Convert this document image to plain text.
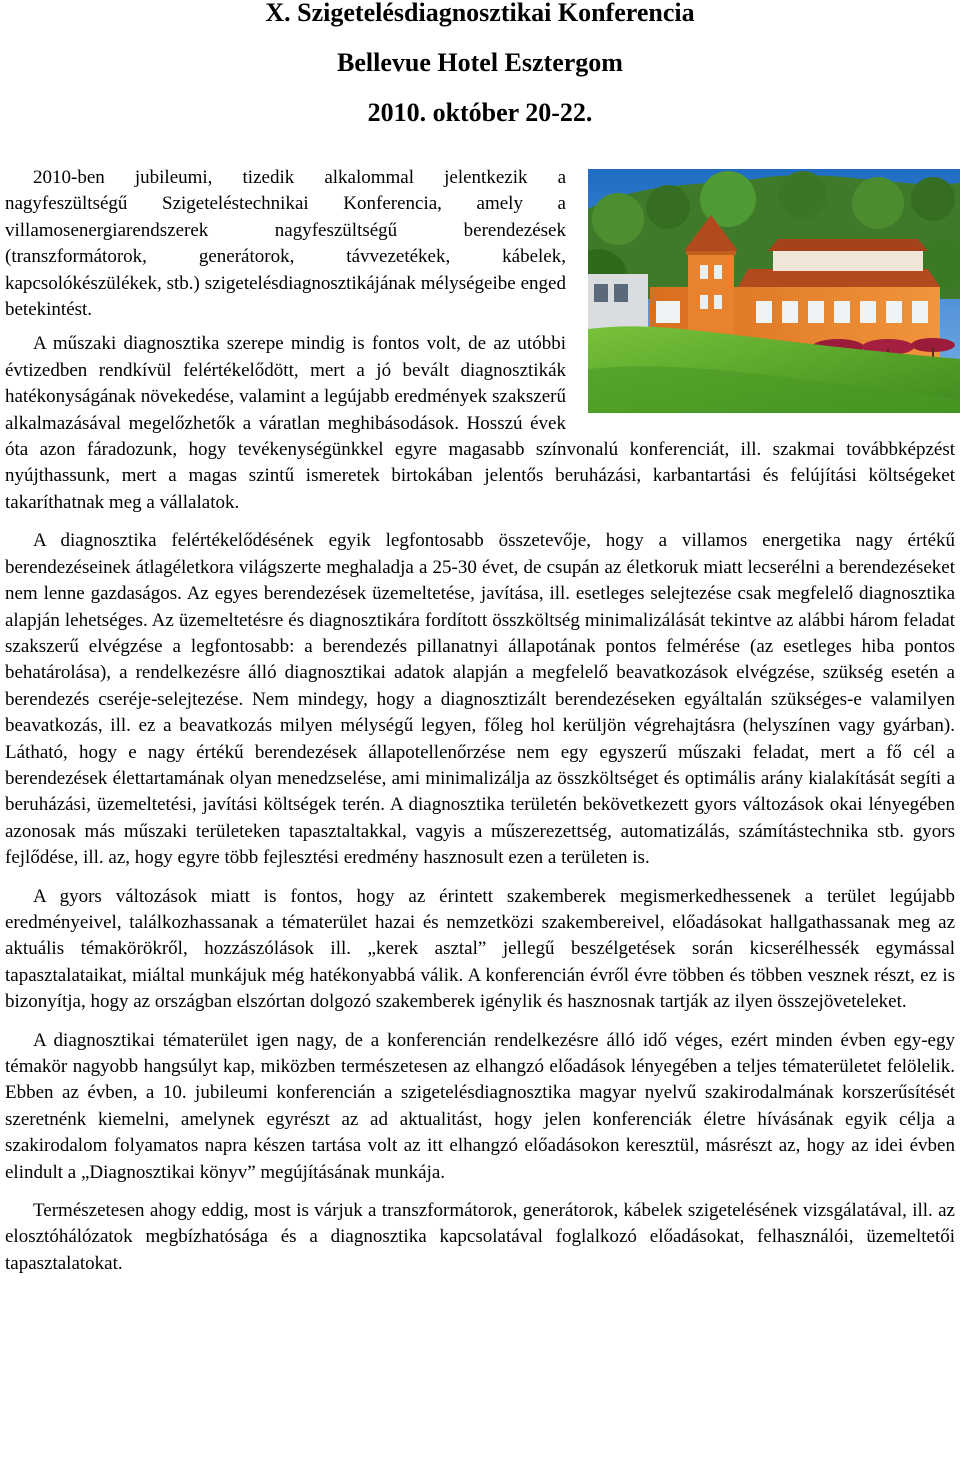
X. Szigetelésdiagnosztikai Konferencia
Bellevue Hotel Esztergom
2010. október 20-22.

2010-ben jubileumi, tizedik alkalommal jelentkezik a nagyfeszültségű Szigeteléstechnikai Konferencia, amely a villamosenergiarendszerek nagyfeszültségű berendezések (transzformátorok, generátorok, távvezetékek, kábelek, kapcsolókészülékek, stb.) szigetelésdiagnosztikájának mélységeibe enged betekintést.

A műszaki diagnosztika szerepe mindig is fontos volt, de az utóbbi évtizedben rendkívül felértékelődött, mert a jó bevált diagnosztikák hatékonyságának növekedése, valamint a legújabb eredmények szakszerű alkalmazásával megelőzhetők a váratlan meghibásodások. Hosszú évek óta azon fáradozunk, hogy tevékenységünkkel egyre magasabb színvonalú konferenciát, ill. szakmai továbbképzést nyújthassunk, mert a magas szintű ismeretek birtokában jelentős beruházási, karbantartási és felújítási költségeket takaríthatnak meg a vállalatok.

A diagnosztika felértékelődésének egyik legfontosabb összetevője, hogy a villamos energetika nagy értékű berendezéseinek átlagéletkora világszerte meghaladja a 25-30 évet, de csupán az életkoruk miatt lecserélni a berendezéseket nem lenne gazdaságos. Az egyes berendezések üzemeltetése, javítása, ill. esetleges selejtezése csak megfelelő diagnosztika alapján lehetséges. Az üzemeltetésre és diagnosztikára fordított összköltség minimalizálását tekintve az alábbi három feladat szakszerű elvégzése a legfontosabb: a berendezés pillanatnyi állapotának pontos felmérése (az esetleges hiba pontos behatárolása), a rendelkezésre álló diagnosztikai adatok alapján a megfelelő beavatkozások elvégzése, szükség esetén a berendezés cseréje-selejtezése. Nem mindegy, hogy a diagnosztizált berendezéseken egyáltalán szükséges-e valamilyen beavatkozás, ill. ez a beavatkozás milyen mélységű legyen, főleg hol kerüljön végrehajtásra (helyszínen vagy gyárban). Látható, hogy e nagy értékű berendezések állapotellenőrzése nem egy egyszerű műszaki feladat, mert a fő cél a berendezések élettartamának olyan menedzselése, ami minimalizálja az összköltséget és optimális arány kialakítását segíti a beruházási, üzemeltetési, javítási költségek terén. A diagnosztika területén bekövetkezett gyors változások okai lényegében azonosak más műszaki területeken tapasztaltakkal, vagyis a műszerezettség, automatizálás, számítástechnika stb. gyors fejlődése, ill. az, hogy egyre több fejlesztési eredmény hasznosult ezen a területen is.

A gyors változások miatt is fontos, hogy az érintett szakemberek megismerkedhessenek a terület legújabb eredményeivel, találkozhassanak a tématerület hazai és nemzetközi szakembereivel, előadásokat hallgathassanak meg az aktuális témakörökről, hozzászólások ill. „kerek asztal” jellegű beszélgetések során kicserélhessék egymással tapasztalataikat, miáltal munkájuk még hatékonyabbá válik. A konferencián évről évre többen és többen vesznek részt, ez is bizonyítja, hogy az országban elszórtan dolgozó szakemberek igénylik és hasznosnak tartják az ilyen összejöveteleket.

A diagnosztikai tématerület igen nagy, de a konferencián rendelkezésre álló idő véges, ezért minden évben egy-egy témakör nagyobb hangsúlyt kap, miközben természetesen az elhangzó előadások lényegében a teljes tématerületet felölelik. Ebben az évben, a 10. jubileumi konferencián a szigetelésdiagnosztika magyar nyelvű szakirodalmának korszerűsítését szeretnénk kiemelni, amelynek egyrészt az ad aktualitást, hogy jelen konferenciák életre hívásának egyik célja a szakirodalom folyamatos napra készen tartása volt az itt elhangzó előadásokon keresztül, másrészt az, hogy az idei évben elindult a „Diagnosztikai könyv” megújításának munkája.

Természetesen ahogy eddig, most is várjuk a transzformátorok, generátorok, kábelek szigetelésének vizsgálatával, ill. az elosztóhálózatok megbízhatósága és a diagnosztika kapcsolatával foglalkozó előadásokat, felhasználói, üzemeltetői tapasztalatokat.
